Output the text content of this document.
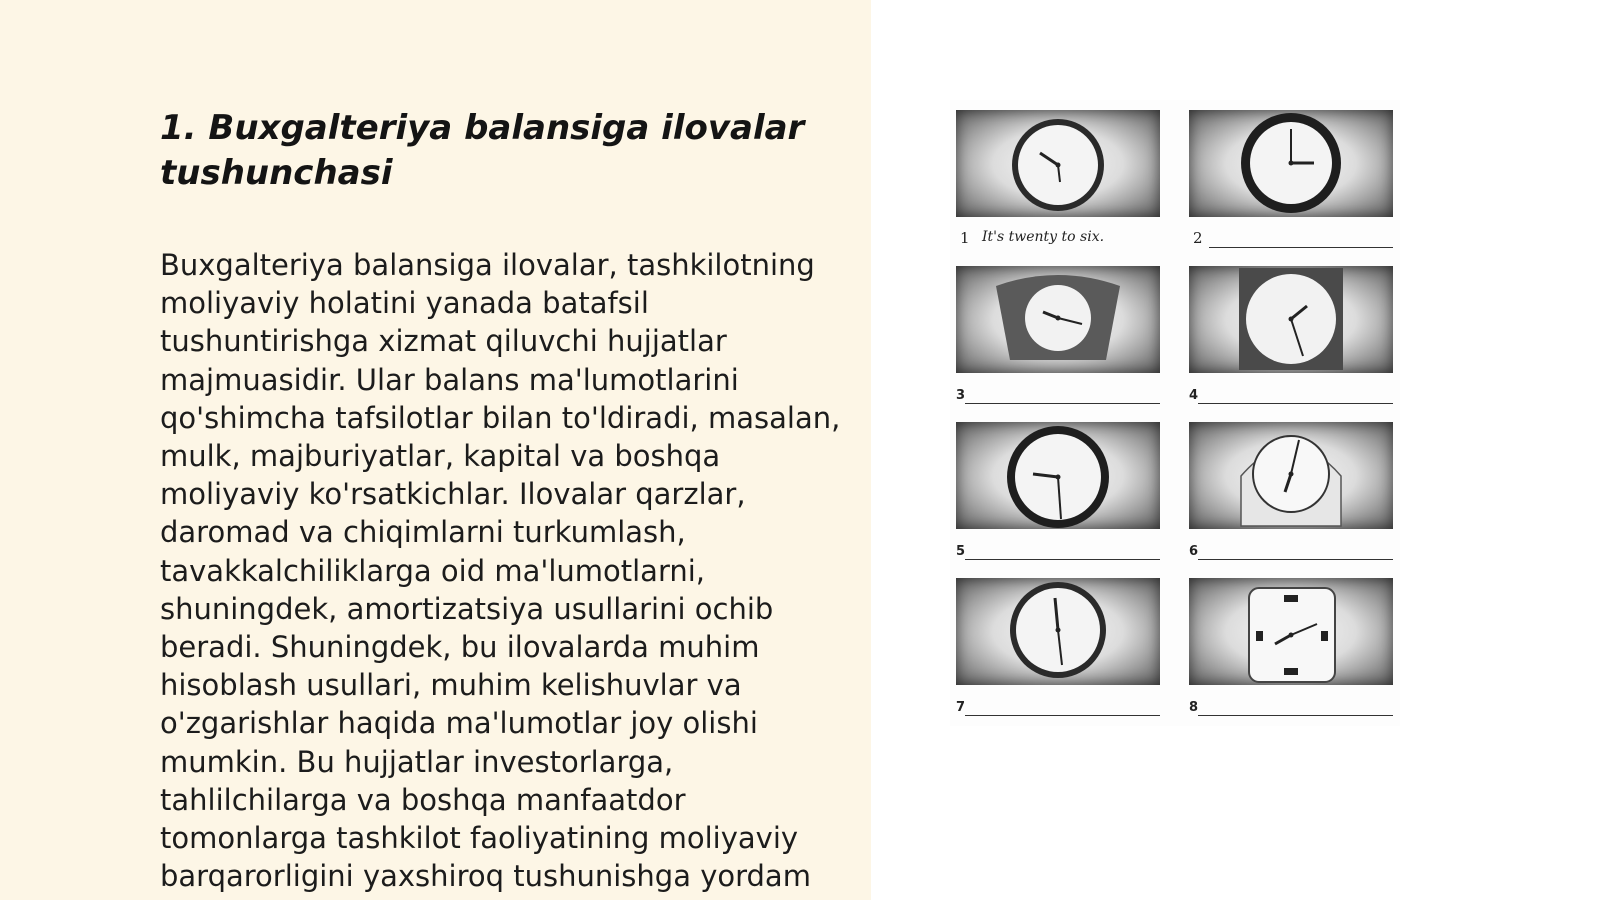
1. Buxgalteriya balansiga ilovalar tushunchasi

Buxgalteriya balansiga ilovalar, tashkilotning moliyaviy holatini yanada batafsil tushuntirishga xizmat qiluvchi hujjatlar majmuasidir. Ular balans ma'lumotlarini qo'shimcha tafsilotlar bilan to'ldiradi, masalan, mulk, majburiyatlar, kapital va boshqa moliyaviy ko'rsatkichlar. Ilovalar qarzlar, daromad va chiqimlarni turkumlash, tavakkalchiliklarga oid ma'lumotlarni, shuningdek, amortizatsiya usullarini ochib beradi. Shuningdek, bu ilovalarda muhim hisoblash usullari, muhim kelishuvlar va o'zgarishlar haqida ma'lumotlar joy olishi mumkin. Bu hujjatlar investorlarga, tahlilchilarga va boshqa manfaatdor tomonlarga tashkilot faoliyatining moliyaviy barqarorligini yaxshiroq tushunishga yordam

1 It's twenty to six.	2
3	4
5	6
7	8
